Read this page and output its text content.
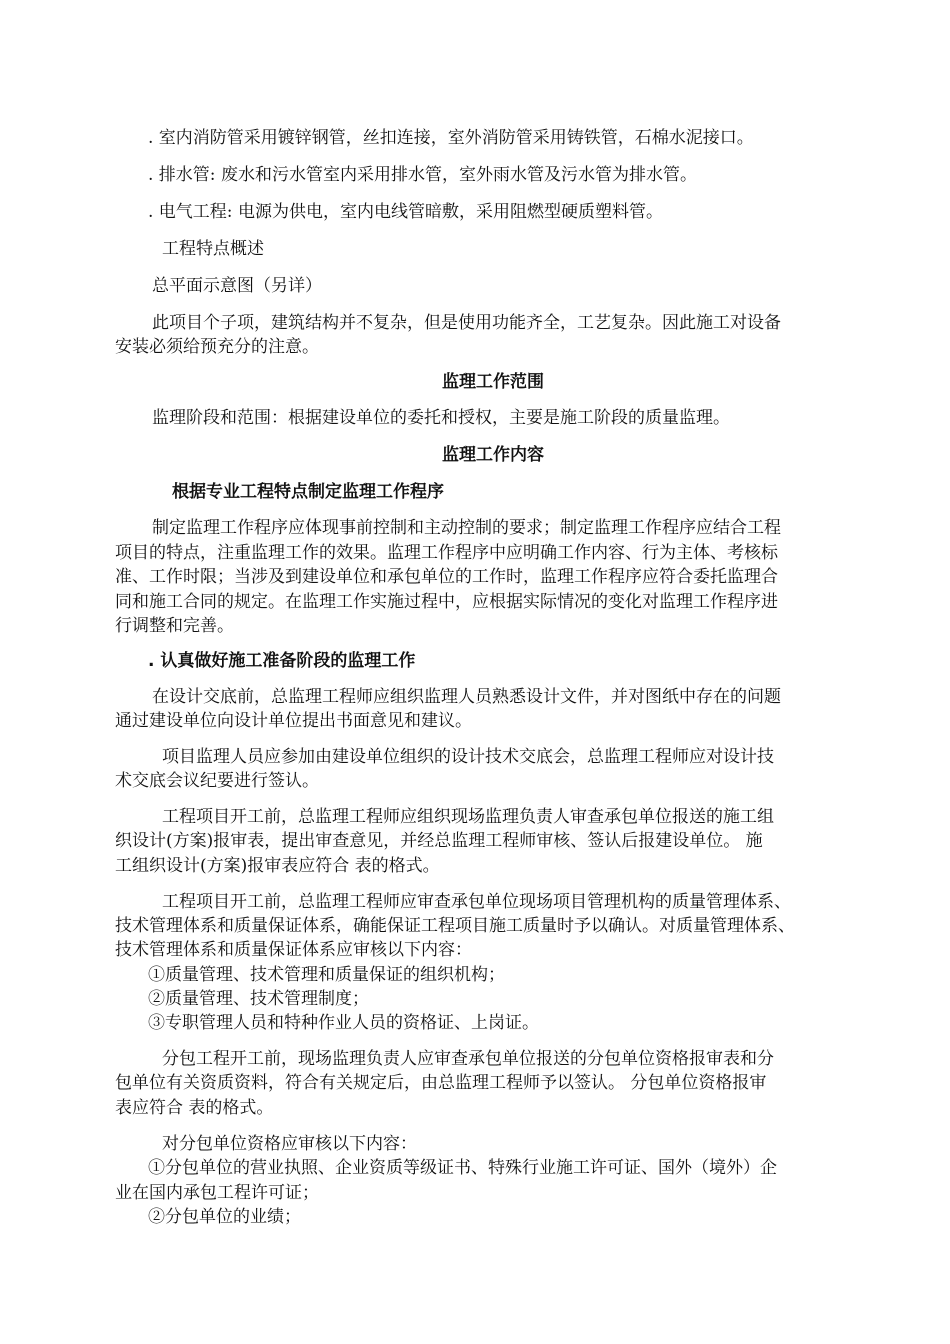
. 室内消防管采用镀锌钢管，丝扣连接，室外消防管采用铸铁管，石棉水泥接口。
. 排水管: 废水和污水管室内采用排水管，室外雨水管及污水管为排水管。
. 电气工程: 电源为供电，室内电线管暗敷，采用阻燃型硬质塑料管。
工程特点概述
总平面示意图（另详）
此项目个子项，建筑结构并不复杂，但是使用功能齐全，工艺复杂。因此施工对设备
安装必须给预充分的注意。
监理工作范围
监理阶段和范围：根据建设单位的委托和授权，主要是施工阶段的质量监理。
监理工作内容
根据专业工程特点制定监理工作程序
制定监理工作程序应体现事前控制和主动控制的要求；制定监理工作程序应结合工程
项目的特点，注重监理工作的效果。监理工作程序中应明确工作内容、行为主体、考核标
准、工作时限；当涉及到建设单位和承包单位的工作时，监理工作程序应符合委托监理合
同和施工合同的规定。在监理工作实施过程中，应根据实际情况的变化对监理工作程序进
行调整和完善。
. 认真做好施工准备阶段的监理工作
在设计交底前，总监理工程师应组织监理人员熟悉设计文件，并对图纸中存在的问题
通过建设单位向设计单位提出书面意见和建议。
项目监理人员应参加由建设单位组织的设计技术交底会，总监理工程师应对设计技
术交底会议纪要进行签认。
工程项目开工前，总监理工程师应组织现场监理负责人审查承包单位报送的施工组
织设计(方案)报审表，提出审查意见，并经总监理工程师审核、签认后报建设单位。 施
工组织设计(方案)报审表应符合 表的格式。
工程项目开工前，总监理工程师应审查承包单位现场项目管理机构的质量管理体系、
技术管理体系和质量保证体系，确能保证工程项目施工质量时予以确认。对质量管理体系、
技术管理体系和质量保证体系应审核以下内容：
①质量管理、技术管理和质量保证的组织机构；
②质量管理、技术管理制度；
③专职管理人员和特种作业人员的资格证、上岗证。
分包工程开工前，现场监理负责人应审查承包单位报送的分包单位资格报审表和分
包单位有关资质资料，符合有关规定后，由总监理工程师予以签认。 分包单位资格报审
表应符合 表的格式。
对分包单位资格应审核以下内容：
①分包单位的营业执照、企业资质等级证书、特殊行业施工许可证、国外（境外）企
业在国内承包工程许可证；
②分包单位的业绩；
